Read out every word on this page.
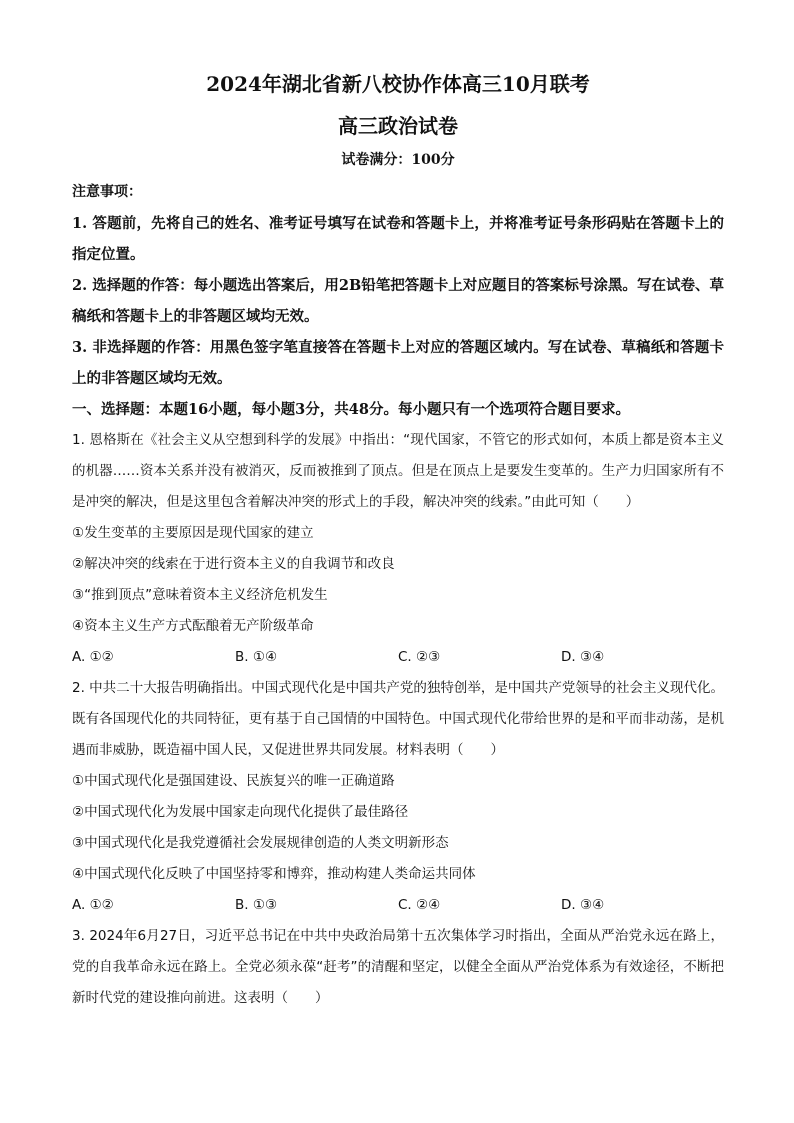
2024年湖北省新八校协作体高三10月联考
高三政治试卷

试卷满分：100分

注意事项：

1. 答题前，先将自己的姓名、准考证号填写在试卷和答题卡上，并将准考证号条形码贴在答题卡上的指定位置。

2. 选择题的作答：每小题选出答案后，用2B铅笔把答题卡上对应题目的答案标号涂黑。写在试卷、草稿纸和答题卡上的非答题区域均无效。

3. 非选择题的作答：用黑色签字笔直接答在答题卡上对应的答题区域内。写在试卷、草稿纸和答题卡上的非答题区域均无效。

一、选择题：本题16小题，每小题3分，共48分。每小题只有一个选项符合题目要求。

1. 恩格斯在《社会主义从空想到科学的发展》中指出：“现代国家，不管它的形式如何，本质上都是资本主义的机器……资本关系并没有被消灭，反而被推到了顶点。但是在顶点上是要发生变革的。生产力归国家所有不是冲突的解决，但是这里包含着解决冲突的形式上的手段，解决冲突的线索。”由此可知（　　）

①发生变革的主要原因是现代国家的建立

②解决冲突的线索在于进行资本主义的自我调节和改良

③“推到顶点”意味着资本主义经济危机发生

④资本主义生产方式酝酿着无产阶级革命

A. ①②	B. ①④	C. ②③	D. ③④

2. 中共二十大报告明确指出。中国式现代化是中国共产党的独特创举，是中国共产党领导的社会主义现代化。既有各国现代化的共同特征，更有基于自己国情的中国特色。中国式现代化带给世界的是和平而非动荡，是机遇而非威胁，既造福中国人民，又促进世界共同发展。材料表明（　　）

①中国式现代化是强国建设、民族复兴的唯一正确道路

②中国式现代化为发展中国家走向现代化提供了最佳路径

③中国式现代化是我党遵循社会发展规律创造的人类文明新形态

④中国式现代化反映了中国坚持零和博弈，推动构建人类命运共同体

A. ①②	B. ①③	C. ②④	D. ③④

3. 2024年6月27日，习近平总书记在中共中央政治局第十五次集体学习时指出，全面从严治党永远在路上，党的自我革命永远在路上。全党必须永葆“赶考”的清醒和坚定，以健全全面从严治党体系为有效途径，不断把新时代党的建设推向前进。这表明（　　）
